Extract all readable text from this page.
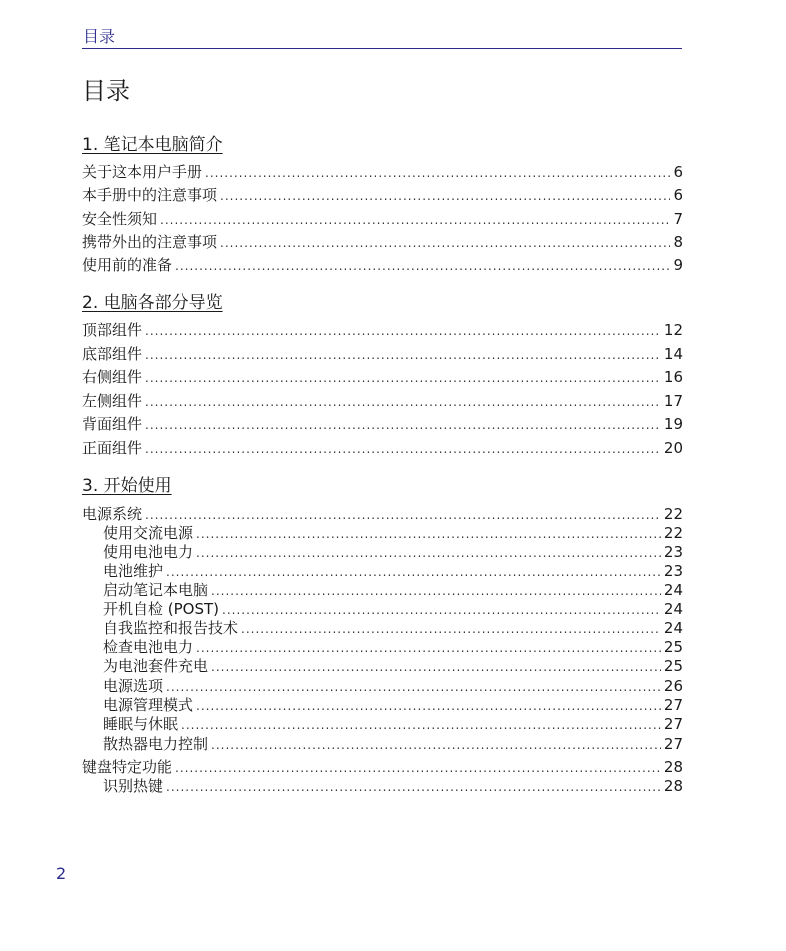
目录
目录
1. 笔记本电脑简介
关于这本用户手册 .....	6
本手册中的注意事项 .....	6
安全性须知 .....	7
携带外出的注意事项 .....	8
使用前的准备 .....	9
2. 电脑各部分导览
顶部组件 .....	12
底部组件 .....	14
右侧组件 .....	16
左侧组件 .....	17
背面组件 .....	19
正面组件 .....	20
3. 开始使用
电源系统 .....	22
使用交流电源 .....	22
使用电池电力 .....	23
电池维护 .....	23
启动笔记本电脑 .....	24
开机自检 (POST) .....	24
自我监控和报告技术 .....	24
检查电池电力 .....	25
为电池套件充电 .....	25
电源选项 .....	26
电源管理模式 .....	27
睡眠与休眠 .....	27
散热器电力控制 .....	27
键盘特定功能 .....	28
识别热键 .....	28
2
